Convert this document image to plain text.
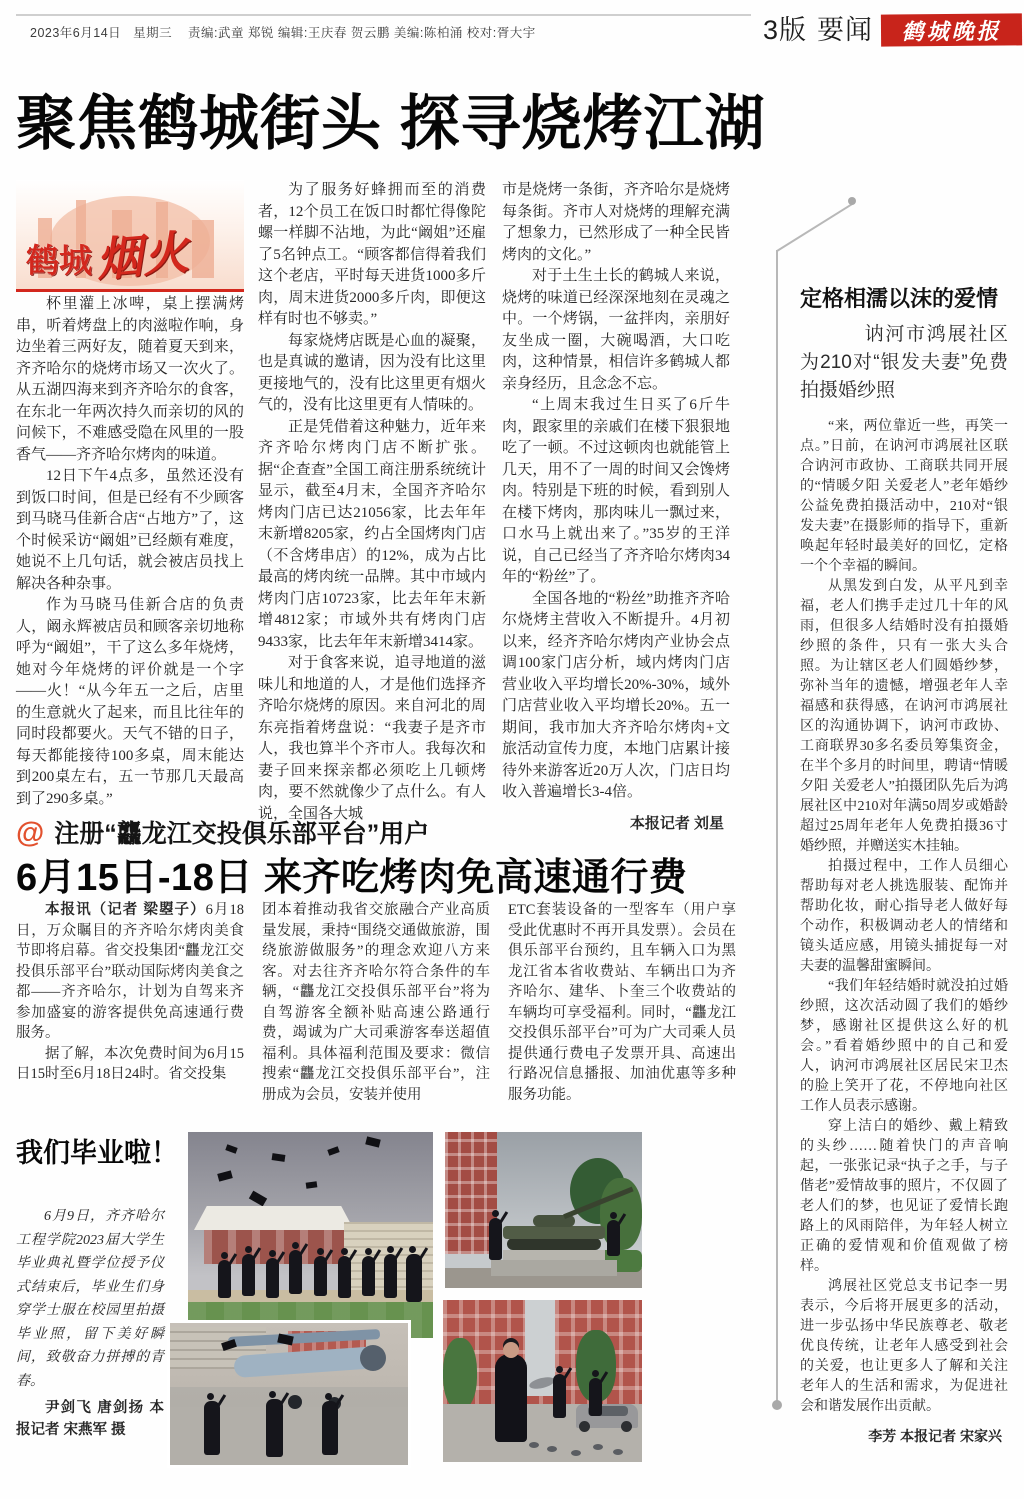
2023年6月14日 星期三 责编:武童 郑锐 编辑:王庆春 贺云鹏 美编:陈柏涌 校对:胥大宇	3版 要闻	鹤城晚报
聚焦鹤城街头 探寻烧烤江湖
鹤城烟火

杯里灌上冰啤，桌上摆满烤串，听着烤盘上的肉滋啦作响，身边坐着三两好友，随着夏天到来，齐齐哈尔的烧烤市场又一次火了。从五湖四海来到齐齐哈尔的食客，在东北一年两次持久而亲切的风的问候下，不难感受隐在风里的一股香气——齐齐哈尔烤肉的味道。

12日下午4点多，虽然还没有到饭口时间，但是已经有不少顾客到马晓马佳新合店“占地方”了，这个时候采访“阚姐”已经颇有难度，她说不上几句话，就会被店员找上解决各种杂事。

作为马晓马佳新合店的负责人，阚永辉被店员和顾客亲切地称呼为“阚姐”，干了这么多年烧烤，她对今年烧烤的评价就是一个字——火！“从今年五一之后，店里的生意就火了起来，而且比往年的同时段都要火。天气不错的日子，每天都能接待100多桌，周末能达到200桌左右，五一节那几天最高到了290多桌。”

为了服务好蜂拥而至的消费者，12个员工在饭口时都忙得像陀螺一样脚不沾地，为此“阚姐”还雇了5名钟点工。“顾客都信得着我们这个老店，平时每天进货1000多斤肉，周末进货2000多斤肉，即便这样有时也不够卖。”

每家烧烤店既是心血的凝聚，也是真诚的邀请，因为没有比这里更接地气的，没有比这里更有烟火气的，没有比这里更有人情味的。

正是凭借着这种魅力，近年来齐齐哈尔烤肉门店不断扩张。据“企查查”全国工商注册系统统计显示，截至4月末，全国齐齐哈尔烤肉门店已达21056家，比去年年末新增8205家，约占全国烤肉门店（不含烤串店）的12%，成为占比最高的烤肉统一品牌。其中市域内烤肉门店10723家，比去年年末新增4812家；市域外共有烤肉门店9433家，比去年年末新增3414家。

对于食客来说，追寻地道的滋味儿和地道的人，才是他们选择齐齐哈尔烧烤的原因。来自河北的周东亮指着烤盘说：“我妻子是齐市人，我也算半个齐市人。我每次和妻子回来探亲都必须吃上几顿烤肉，要不然就像少了点什么。有人说，全国各大城

市是烧烤一条街，齐齐哈尔是烧烤每条街。齐市人对烧烤的理解充满了想象力，已然形成了一种全民皆烤肉的文化。”

对于土生土长的鹤城人来说，烧烤的味道已经深深地刻在灵魂之中。一个烤锅，一盆拌肉，亲朋好友坐成一圈，大碗喝酒，大口吃肉，这种情景，相信许多鹤城人都亲身经历，且念念不忘。

“上周末我过生日买了6斤牛肉，跟家里的亲戚们在楼下狠狠地吃了一顿。不过这顿肉也就能管上几天，用不了一周的时间又会馋烤肉。特别是下班的时候，看到别人在楼下烤肉，那肉味儿一飘过来，口水马上就出来了。”35岁的王洋说，自己已经当了齐齐哈尔烤肉34年的“粉丝”了。

全国各地的“粉丝”助推齐齐哈尔烧烤主营收入不断提升。4月初以来，经齐齐哈尔烤肉产业协会点调100家门店分析，域内烤肉门店营业收入平均增长20%-30%，域外门店营业收入平均增长20%。五一期间，我市加大齐齐哈尔烤肉+文旅活动宣传力度，本地门店累计接待外来游客近20万人次，门店日均收入普遍增长3-4倍。

本报记者 刘星

@ 注册“龘龙江交投俱乐部平台”用户
6月15日-18日 来齐吃烤肉免高速通行费

本报讯（记者 梁曌子）6月18日，万众瞩目的齐齐哈尔烤肉美食节即将启幕。省交投集团“龘龙江交投俱乐部平台”联动国际烤肉美食之都——齐齐哈尔，计划为自驾来齐参加盛宴的游客提供免高速通行费服务。

据了解，本次免费时间为6月15日15时至6月18日24时。省交投集

团本着推动我省交旅融合产业高质量发展，秉持“围绕交通做旅游，围绕旅游做服务”的理念欢迎八方来客。对去往齐齐哈尔符合条件的车辆，“龘龙江交投俱乐部平台”将为自驾游客全额补贴高速公路通行费，竭诚为广大司乘游客奉送超值福利。具体福利范围及要求：微信搜索“龘龙江交投俱乐部平台”，注册成为会员，安装并使用

ETC套装设备的一型客车（用户享受此优惠时不再开具发票）。会员在俱乐部平台预约，且车辆入口为黑龙江省本省收费站、车辆出口为齐齐哈尔、建华、卜奎三个收费站的车辆均可享受福利。同时，“龘龙江交投俱乐部平台”可为广大司乘人员提供通行费电子发票开具、高速出行路况信息播报、加油优惠等多种服务功能。

定格相濡以沫的爱情

讷河市鸿展社区为210对“银发夫妻”免费拍摄婚纱照

“来，两位靠近一些，再笑一点。”日前，在讷河市鸿展社区联合讷河市政协、工商联共同开展的“情暖夕阳 关爱老人”老年婚纱公益免费拍摄活动中，210对“银发夫妻”在摄影师的指导下，重新唤起年轻时最美好的回忆，定格一个个幸福的瞬间。

从黑发到白发，从平凡到幸福，老人们携手走过几十年的风雨，但很多人结婚时没有拍摄婚纱照的条件，只有一张大头合照。为让辖区老人们圆婚纱梦，弥补当年的遗憾，增强老年人幸福感和获得感，在讷河市鸿展社区的沟通协调下，讷河市政协、工商联界30多名委员筹集资金，在半个多月的时间里，聘请“情暖夕阳 关爱老人”拍摄团队先后为鸿展社区中210对年满50周岁或婚龄超过25周年老年人免费拍摄36寸婚纱照，并赠送实木挂轴。

拍摄过程中，工作人员细心帮助每对老人挑选服装、配饰并帮助化妆，耐心指导老人做好每个动作，积极调动老人的情绪和镜头适应感，用镜头捕捉每一对夫妻的温馨甜蜜瞬间。

“我们年轻结婚时就没拍过婚纱照，这次活动圆了我们的婚纱梦，感谢社区提供这么好的机会。”看着婚纱照中的自己和爱人，讷河市鸿展社区居民宋卫杰的脸上笑开了花，不停地向社区工作人员表示感谢。

穿上洁白的婚纱、戴上精致的头纱……随着快门的声音响起，一张张记录“执子之手，与子偕老”爱情故事的照片，不仅圆了老人们的梦，也见证了爱情长跑路上的风雨陪伴，为年轻人树立正确的爱情观和价值观做了榜样。

鸿展社区党总支书记李一男表示，今后将开展更多的活动，进一步弘扬中华民族尊老、敬老优良传统，让老年人感受到社会的关爱，也让更多人了解和关注老年人的生活和需求，为促进社会和谐发展作出贡献。

李芳 本报记者 宋家兴

我们毕业啦！

6月9日，齐齐哈尔工程学院2023届大学生毕业典礼暨学位授予仪式结束后，毕业生们身穿学士服在校园里拍摄毕业照，留下美好瞬间，致敬奋力拼搏的青春。

尹剑飞 唐剑扬 本报记者 宋燕军 摄
